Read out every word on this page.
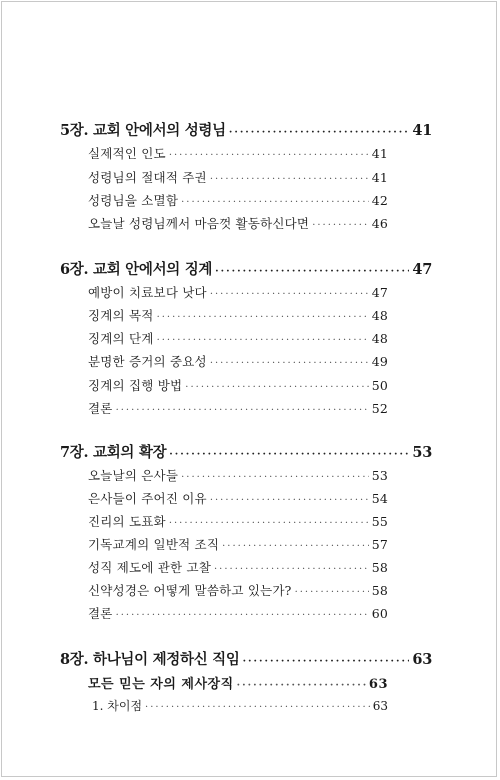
5장. 교회 안에서의 성령님 ·····	41
실제적인 인도 ·····	41
성령님의 절대적 주권 ·····	41
성령님을 소멸함 ·····	42
오늘날 성령님께서 마음껏 활동하신다면 ·····	46
6장. 교회 안에서의 징계 ·····	47
예방이 치료보다 낫다 ·····	47
징계의 목적 ·····	48
징계의 단계 ·····	48
분명한 증거의 중요성 ·····	49
징계의 집행 방법 ·····	50
결론 ·····	52
7장. 교회의 확장 ·····	53
오늘날의 은사들 ·····	53
은사들이 주어진 이유 ·····	54
진리의 도표화 ·····	55
기독교계의 일반적 조직 ·····	57
성직 제도에 관한 고찰 ·····	58
신약성경은 어떻게 말씀하고 있는가? ·····	58
결론 ·····	60
8장. 하나님이 제정하신 직임 ·····	63
모든 믿는 자의 제사장직 ·····	63
1. 차이점 ·····	63
